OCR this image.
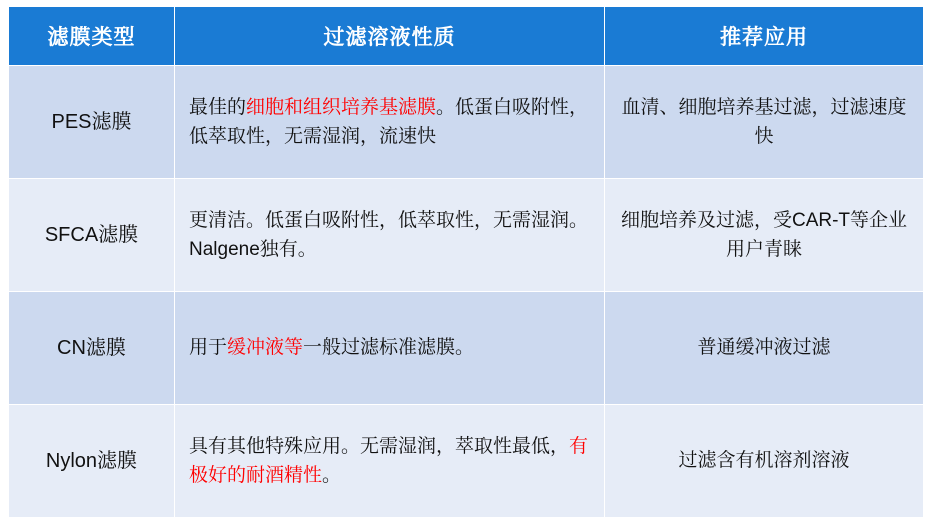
滤膜类型	过滤溶液性质	推荐应用
PES滤膜	最佳的细胞和组织培养基滤膜。低蛋白吸附性，低萃取性，无需湿润，流速快	血清、细胞培养基过滤，过滤速度快
SFCA滤膜	更清洁。低蛋白吸附性，低萃取性，无需湿润。Nalgene独有。	细胞培养及过滤，受CAR-T等企业用户青睐
CN滤膜	用于缓冲液等一般过滤标准滤膜。	普通缓冲液过滤
Nylon滤膜	具有其他特殊应用。无需湿润，萃取性最低，有极好的耐酒精性。	过滤含有机溶剂溶液
